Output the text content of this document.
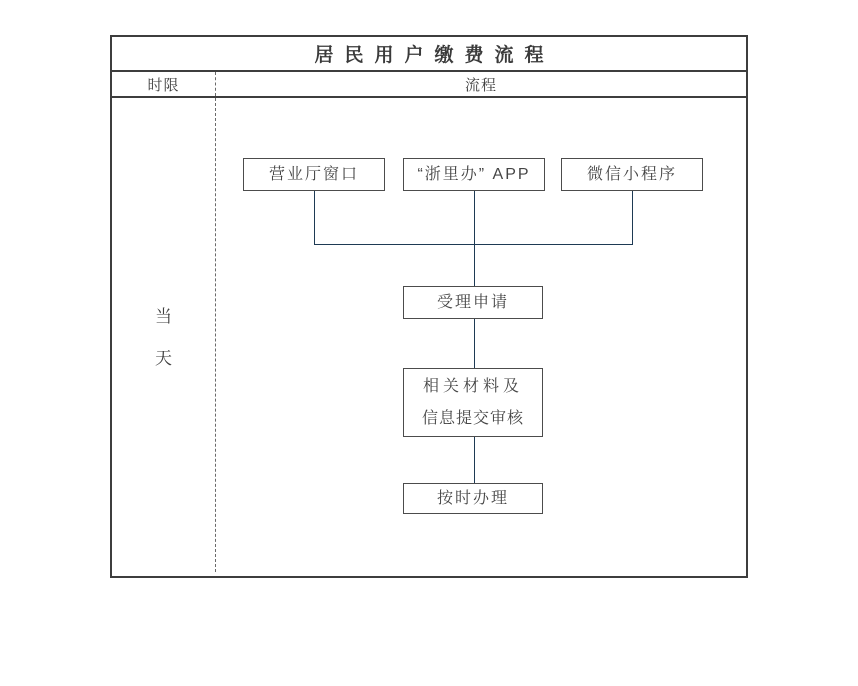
居民用户缴费流程
时限	流程
当
天
营业厅窗口	“浙里办” APP	微信小程序
受理申请
相关材料及
信息提交审核
按时办理
